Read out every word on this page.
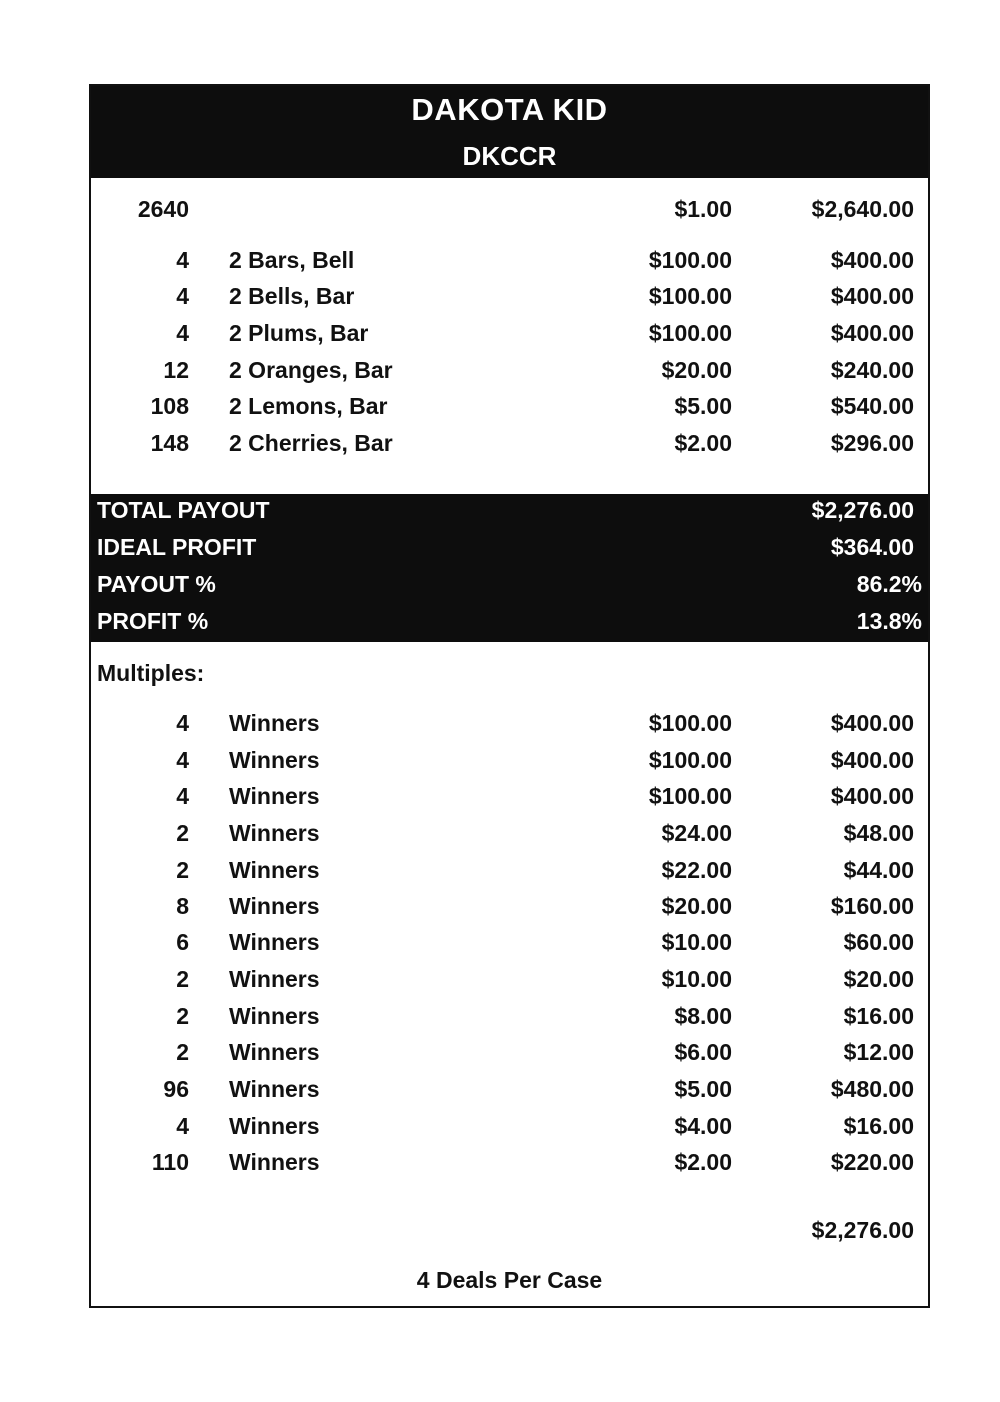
DAKOTA KID
DKCCR
2640	$1.00	$2,640.00
4 2 Bars, Bell	$100.00	$400.00
4 2 Bells, Bar	$100.00	$400.00
4 2 Plums, Bar	$100.00	$400.00
12 2 Oranges, Bar	$20.00	$240.00
108 2 Lemons, Bar	$5.00	$540.00
148 2 Cherries, Bar	$2.00	$296.00
TOTAL PAYOUT	$2,276.00
IDEAL PROFIT	$364.00
PAYOUT %	86.2%
PROFIT %	13.8%
Multiples:
4 Winners	$100.00	$400.00
4 Winners	$100.00	$400.00
4 Winners	$100.00	$400.00
2 Winners	$24.00	$48.00
2 Winners	$22.00	$44.00
8 Winners	$20.00	$160.00
6 Winners	$10.00	$60.00
2 Winners	$10.00	$20.00
2 Winners	$8.00	$16.00
2 Winners	$6.00	$12.00
96 Winners	$5.00	$480.00
4 Winners	$4.00	$16.00
110 Winners	$2.00	$220.00
$2,276.00
4 Deals Per Case
